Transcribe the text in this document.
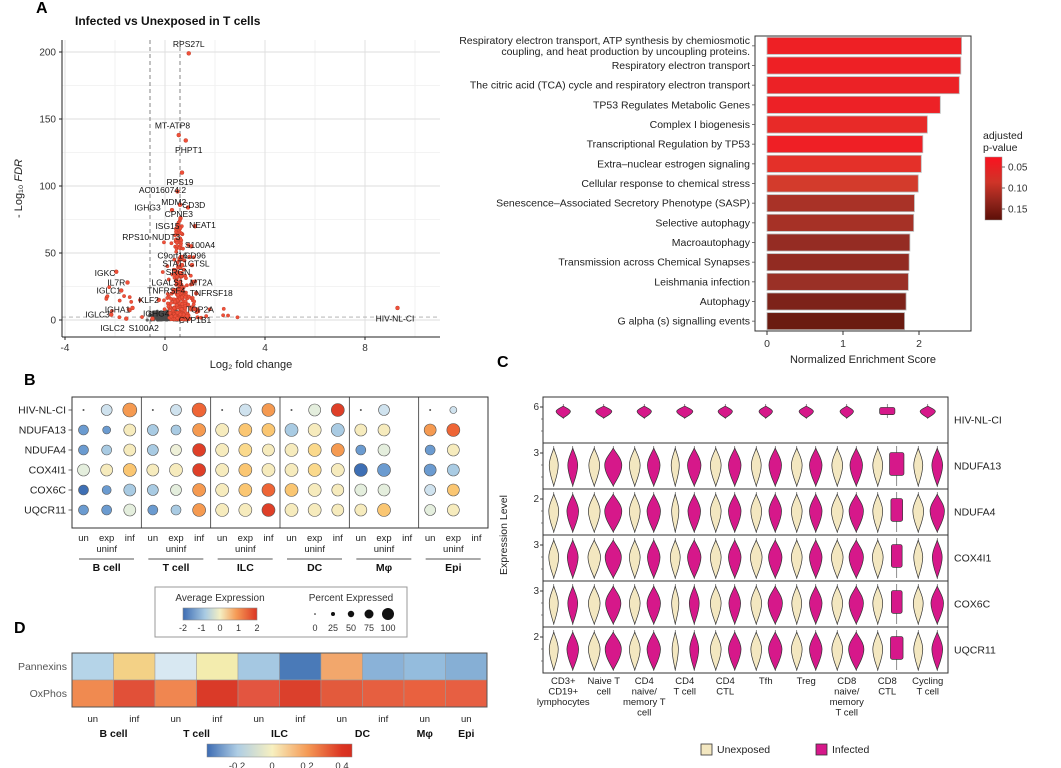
A
B
C
D
RPS27L
MT-ATP8
PHPT1
RPS19
AC016074.2
IGHG3
MDM2
CD3D
CPNE3
ISG15 NEAT1
RPS10-NUDT3
S100A4
C9orf16
CD96
STAT1 CTSL
IGKC	SRGN
IL7R	LGALS1 MT2A
IGLC1	TNFRSF4 TNFRSF18
KLF2
IGHA1	TOP2A
IGLC3	IGHG4
CYP1B1
IGLC2 S100A2
HIV-NL-CI
0
50
100
150
200
-4	0	4	8
Infected vs Unexposed in T cells
Log₂ fold change
- Log₁₀ FDR
Respiratory electron transport, ATP synthesis by chemiosmotic
coupling, and heat production by uncoupling proteins.
Respiratory electron transport
The citric acid (TCA) cycle and respiratory electron transport
TP53 Regulates Metabolic Genes
Complex I biogenesis
Transcriptional Regulation by TP53
Extra–nuclear estrogen signaling
Cellular response to chemical stress
Senescence–Associated Secretory Phenotype (SASP)
Selective autophagy
Macroautophagy
Transmission across Chemical Synapses
Leishmania infection
Autophagy
G alpha (s) signalling events
0	1	2
Normalized Enrichment Score
adjusted
p-value
0.05
0.10
0.15
HIV-NL-CI
NDUFA13
NDUFA4
COX4I1
COX6C
UQCR11
un exp inf
uninf
B cell
un exp inf
uninf
T cell
un exp inf
uninf
ILC
un exp inf
uninf
DC
un exp inf
uninf
Mφ
un exp inf
uninf
Epi
Average Expression
-2 -1 0 1 2
Percent Expressed
0 25 50 75 100
6
HIV-NL-CI
3
NDUFA13
2
NDUFA4
3
COX4I1
3
COX6C
2
UQCR11
CD3+
CD19+
lymphocytes
Naive T
cell
CD4
naive/
memory T
cell
CD4
T cell
CD4
CTL
Tfh	Treg CD8
naive/
memory
T cell
CD8
CTL
Cycling
T cell
Expression Level
Unexposed	Infected
Pannexins
OxPhos
un	inf	un	inf	un	inf	un	inf	un	un
B cell	T cell	ILC	DC	Mφ Epi
-0.2	0	0.2 0.4
